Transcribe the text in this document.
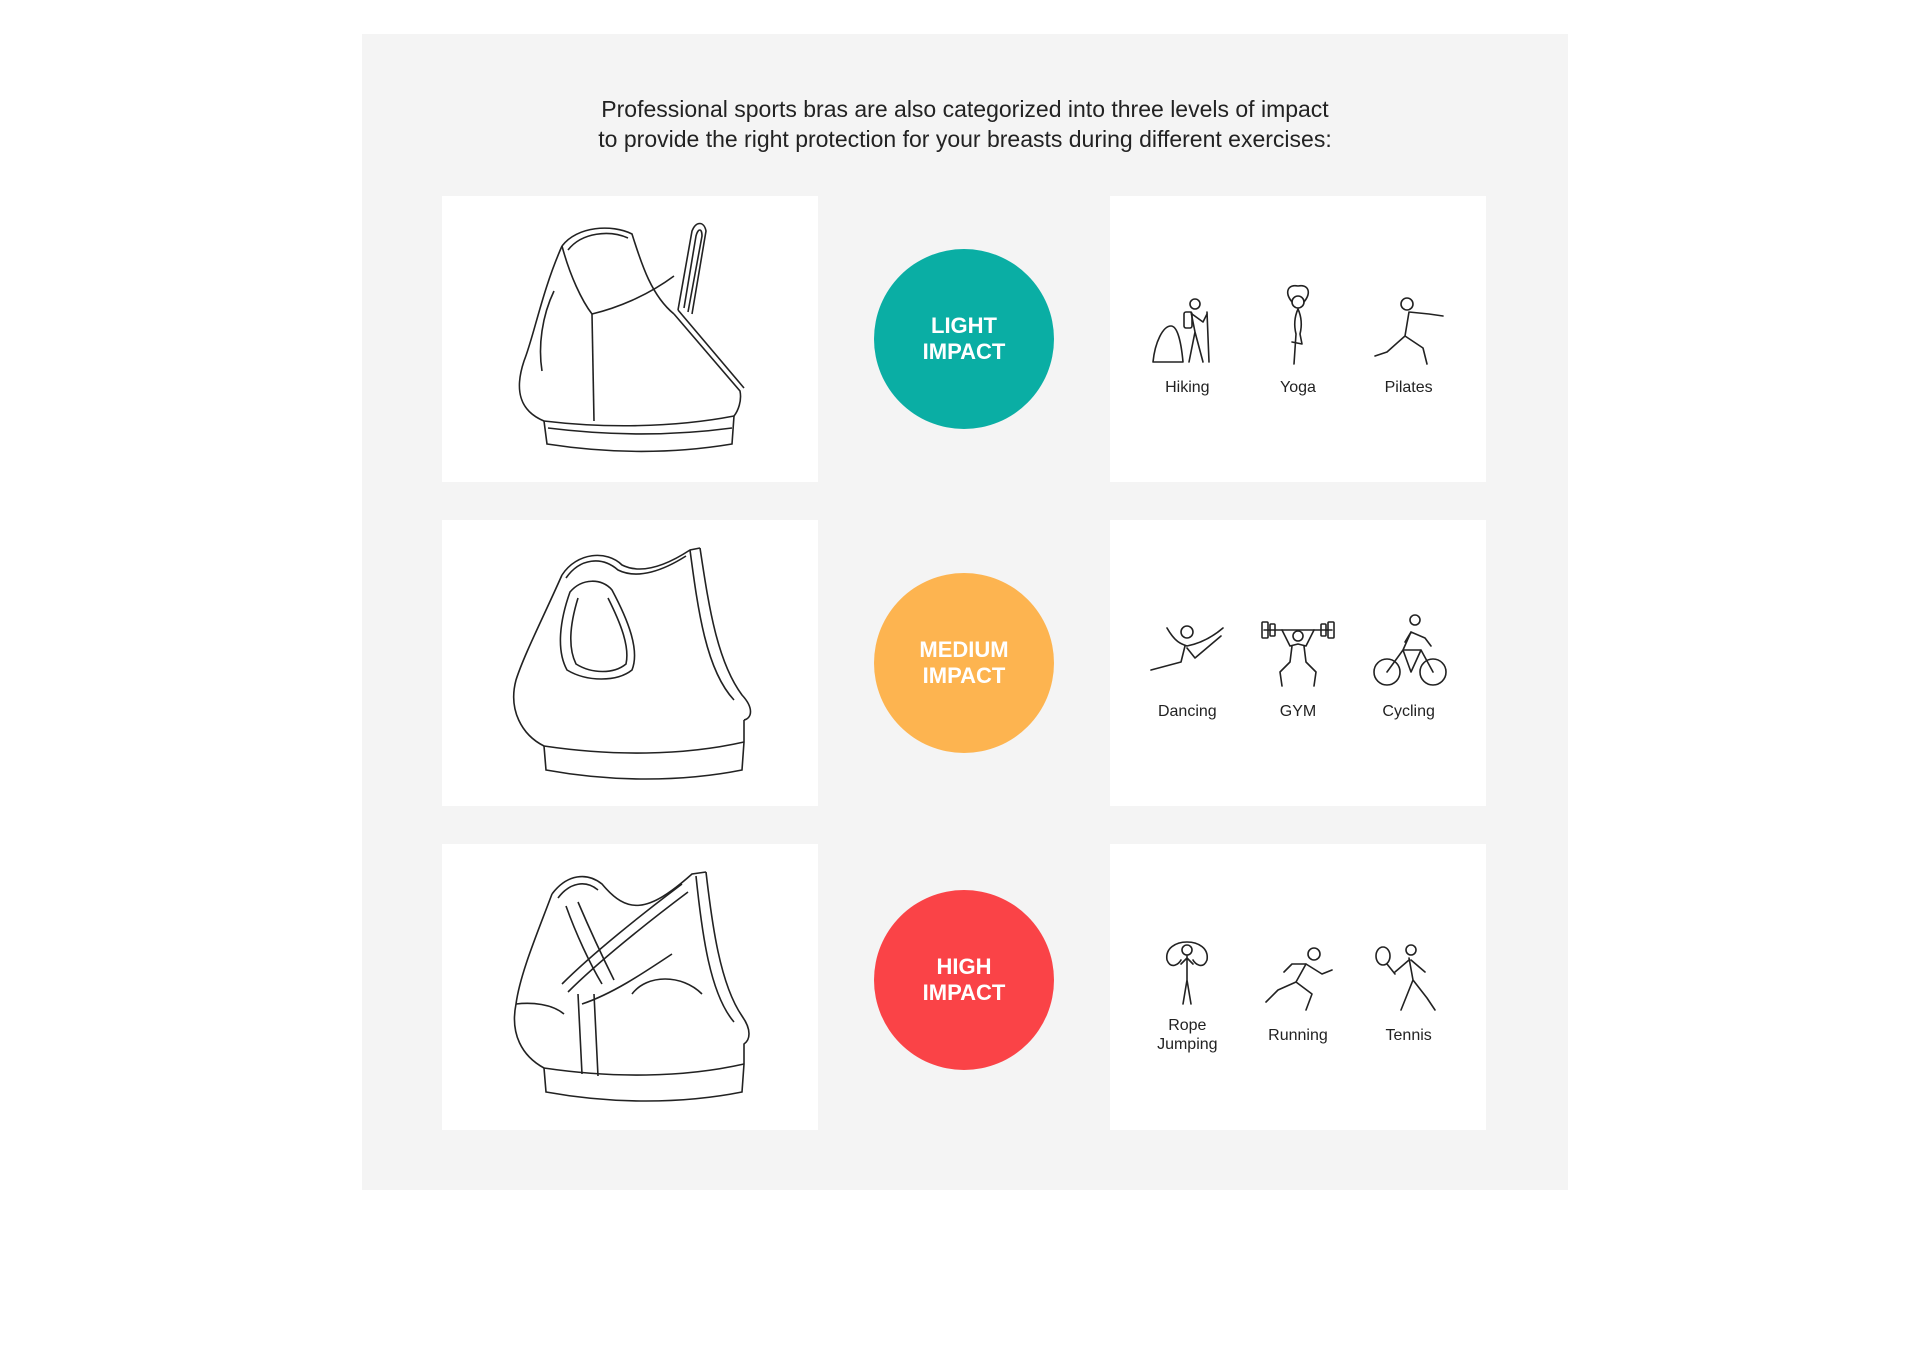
Professional sports bras are also categorized into three levels of impact
to provide the right protection for your breasts during different exercises:
LIGHT
IMPACT
Hiking	Yoga	Pilates
MEDIUM
IMPACT
Dancing	GYM	Cycling
HIGH
IMPACT
Rope
Jumping
Running	Tennis
